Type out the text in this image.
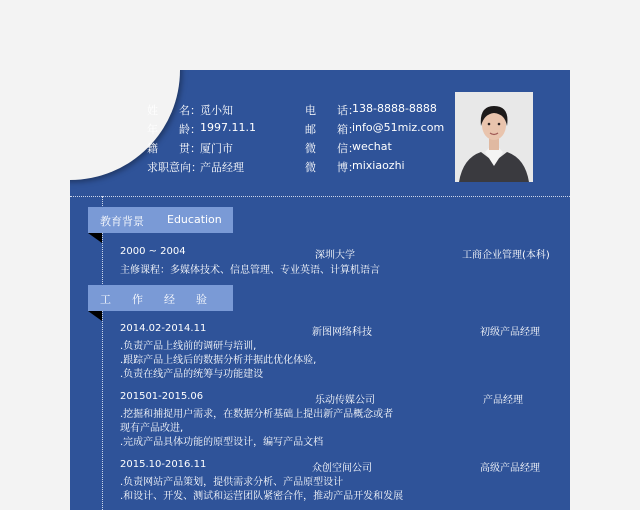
姓      名： 觅小知
年      龄： 1997.11.1
籍      贯： 厦门市
求职意向：
产品经理
电      话：
138-8888-8888
邮      箱：
info@51miz.com
微      信：
wechat
微      博：
mixiaozhi
教育背景 Education
2000 ~ 2004	深圳大学	工商企业管理(本科)
主修课程：多媒体技术、信息管理、专业英语、计算机语言
工      作      经      验
2014.02-2014.11	新图网络科技	初级产品经理
.负责产品上线前的调研与培训,
.跟踪产品上线后的数据分析并据此优化体验,
.负责在线产品的统筹与功能建设
201501-2015.06	乐动传媒公司	产品经理
.挖掘和捕捉用户需求，在数据分析基础上提出新产品概念或者
现有产品改进,
.完成产品具体功能的原型设计，编写产品文档
2015.10-2016.11	众创空间公司	高级产品经理
.负责网站产品策划，提供需求分析、产品原型设计
.和设计、开发、测试和运营团队紧密合作，推动产品开发和发展
